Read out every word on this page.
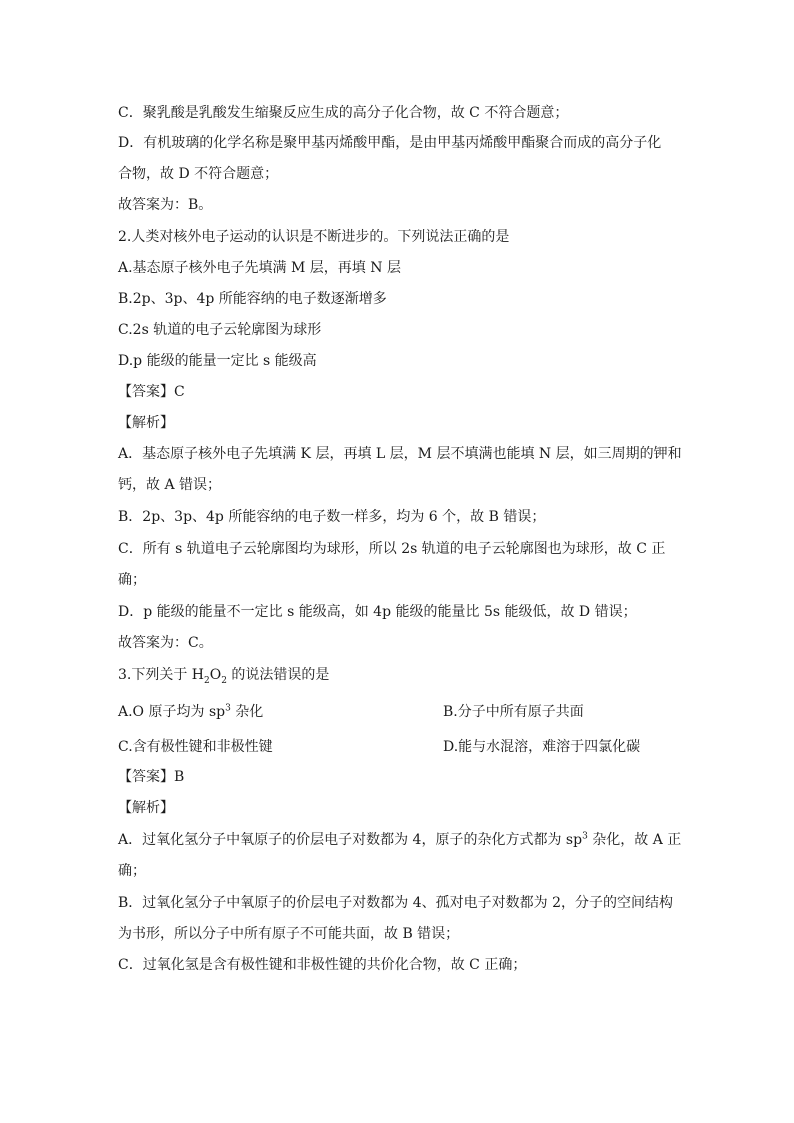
C．聚乳酸是乳酸发生缩聚反应生成的高分子化合物，故 C 不符合题意；
D．有机玻璃的化学名称是聚甲基丙烯酸甲酯，是由甲基丙烯酸甲酯聚合而成的高分子化
合物，故 D 不符合题意；
故答案为：B。
2.人类对核外电子运动的认识是不断进步的。下列说法正确的是
A.基态原子核外电子先填满 M 层，再填 N 层
B.2p、3p、4p 所能容纳的电子数逐渐增多
C.2s 轨道的电子云轮廓图为球形
D.p 能级的能量一定比 s 能级高
【答案】C
【解析】
A．基态原子核外电子先填满 K 层，再填 L 层，M 层不填满也能填 N 层，如三周期的钾和
钙，故 A 错误；
B．2p、3p、4p 所能容纳的电子数一样多，均为 6 个，故 B 错误；
C．所有 s 轨道电子云轮廓图均为球形，所以 2s 轨道的电子云轮廓图也为球形，故 C 正
确；
D．p 能级的能量不一定比 s 能级高，如 4p 能级的能量比 5s 能级低，故 D 错误；
故答案为：C。
3.下列关于 $H_2O_2$ 的说法错误的是
A.O 原子均为 $sp^3$ 杂化	B.分子中所有原子共面
C.含有极性键和非极性键	D.能与水混溶，难溶于四氯化碳
【答案】B
【解析】
A．过氧化氢分子中氧原子的价层电子对数都为 4，原子的杂化方式都为 $sp^3$ 杂化，故 A 正
确；
B．过氧化氢分子中氧原子的价层电子对数都为 4、孤对电子对数都为 2，分子的空间结构
为书形，所以分子中所有原子不可能共面，故 B 错误；
C．过氧化氢是含有极性键和非极性键的共价化合物，故 C 正确；
